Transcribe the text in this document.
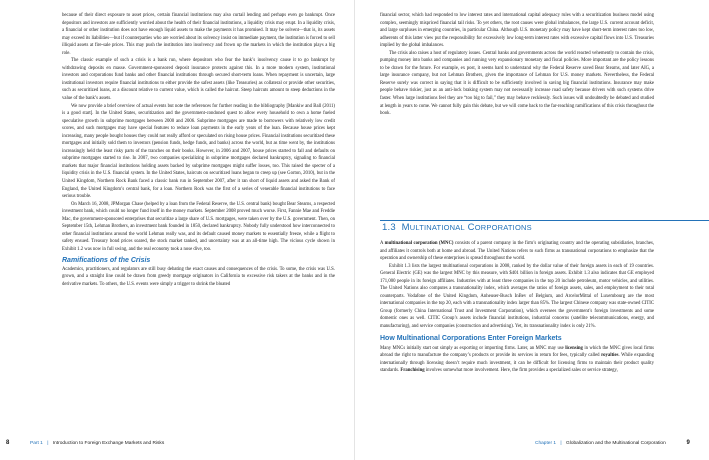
because of their direct exposure to asset prices, certain financial institutions may also curtail lending and perhaps even go bankrupt. Once depositors and investors are sufficiently worried about the health of their financial institutions, a liquidity crisis may erupt. In a liquidity crisis, a financial or other institution does not have enough liquid assets to make the payments it has promised. It may be solvent—that is, its assets may exceed its liabilities—but if counterparties who are worried about its solvency insist on immediate payment, the institution is forced to sell illiquid assets at fire-sale prices. This may push the institution into insolvency and frown up the markets in which the institution plays a big role.

The classic example of such a crisis is a bank run, where depositors who fear the bank’s insolvency cause it to go bankrupt by withdrawing deposits en masse. Government-sponsored deposit insurance protects against this. In a more modern system, institutional investors and corporations fund banks and other financial institutions through secured short-term loans. When repayment is uncertain, large institutional investors require financial institutions to either provide the safest assets (like Treasuries) as collateral or provide other securities, such as securitized loans, at a discount relative to current value, which is called the haircut. Steep haircuts amount to steep deductions in the value of the bank’s assets.

We now provide a brief overview of actual events but note the references for further reading in the bibliography [Mankiw and Ball (2011) is a good start]. In the United States, securitization and the government-condoned quest to allow every household to own a home fueled speculative growth in subprime mortgages between 2000 and 2006. Subprime mortgages are made to borrowers with relatively low credit scores, and such mortgages may have special features to reduce loan payments in the early years of the loan. Because house prices kept increasing, many people bought houses they could not really afford or speculated on rising house prices. Financial institutions securitized these mortgages and initially sold them to investors (pension funds, hedge funds, and banks) across the world, but as time went by, the institutions increasingly held the least risky parts of the tranches on their books. However, in 2006 and 2007, house prices started to fall and defaults on subprime mortgages started to rise. In 2007, two companies specializing in subprime mortgages declared bankruptcy, signaling to financial markets that major financial institutions holding assets backed by subprime mortgages might suffer losses, too. This raised the specter of a liquidity crisis in the U.S. financial system. In the United States, haircuts on securitized loans began to creep up (see Gorton, 2010), but in the United Kingdom, Northern Rock Bank faced a classic bank run in September 2007, after it ran short of liquid assets and asked the Bank of England, the United Kingdom’s central bank, for a loan. Northern Rock was the first of a series of venerable financial institutions to face serious trouble.

On March 16, 2008, JPMorgan Chase (helped by a loan from the Federal Reserve, the U.S. central bank) bought Bear Stearns, a respected investment bank, which could no longer fund itself in the money markets. September 2008 proved much worse. First, Fannie Mae and Freddie Mac, the government-sponsored enterprises that securitize a large share of U.S. mortgages, were taken over by the U.S. government. Then, on September 15th, Lehman Brothers, an investment bank founded in 1850, declared bankruptcy. Nobody fully understood how interconnected to other financial institutions around the world Lehman really was, and its default caused money markets to essentially freeze, while a flight to safety ensued. Treasury bond prices soared, the stock market tanked, and uncertainty was at an all-time high. The vicious cycle shown in Exhibit 1.2 was now in full swing, and the real economy took a nose dive, too.

Ramifications of the Crisis

Academics, practitioners, and regulators are still busy debating the exact causes and consequences of the crisis. To some, the crisis was U.S. grown, and a straight line could be drawn from greedy mortgage originators in California to excessive risk takers at the banks and in the derivative markets. To others, the U.S. events were simply a trigger to shrink the bloated

8	Part 1 | Introduction to Foreign Exchange Markets and Risks

financial sector, which had responded to low interest rates and international capital adequacy rules with a securitization business model using complex, seemingly mispriced financial tail risks. To yet others, the root causes were global imbalances, the large U.S. current account deficit, and large surpluses in emerging countries, in particular China. Although U.S. monetary policy may have kept short-term interest rates too low, adherents of this latter view put the responsibility for excessively low long-term interest rates with excessive capital flows into U.S. Treasuries implied by the global imbalances.

The crisis also raises a host of regulatory issues. Central banks and governments across the world reacted vehemently to contain the crisis, pumping money into banks and companies and running very expansionary monetary and fiscal policies. More important are the policy lessons to be drawn for the future. For example, ex post, it seems hard to understand why the Federal Reserve saved Bear Stearns, and later AIG, a large insurance company, but not Lehman Brothers, given the importance of Lehman for U.S. money markets. Nevertheless, the Federal Reserve surely was correct in saying that it is difficult to be sufficiently involved in saving big financial institutions. Insurance may make people behave riskier, just as an anti-lock braking system may not necessarily increase road safety because drivers with such systems drive faster. When large institutions feel they are “too big to fail,” they may behave recklessly. Such issues will undoubtedly be debated and studied at length in years to come. We cannot fully gain this debate, but we will come back to the far-reaching ramifications of this crisis throughout the book.

1.3 MULTINATIONAL CORPORATIONS

A multinational corporation (MNC) consists of a parent company in the firm’s originating country and the operating subsidiaries, branches, and affiliates it controls both at home and abroad. The United Nations refers to such firms as transnational corporations to emphasize that the operation and ownership of these enterprises is spread throughout the world.

Exhibit 1.3 lists the largest multinational corporations in 2008, ranked by the dollar value of their foreign assets in each of 19 countries. General Electric (GE) was the largest MNC by this measure, with $401 billion in foreign assets. Exhibit 1.3 also indicates that GE employed 171,000 people in its foreign affiliates. Industries with at least three companies in the top 20 include petroleum, motor vehicles, and utilities. The United Nations also computes a transnationality index, which averages the ratios of foreign assets, sales, and employment to their total counterparts. Vodafone of the United Kingdom, Anheuser-Busch InBev of Belgium, and ArcelorMittal of Luxembourg are the most international companies in the top 20, each with a transnationality index larger than 85%. The largest Chinese company was state-owned CITIC Group (formerly China International Trust and Investment Corporation), which oversees the government’s foreign investments and some domestic ones as well. CITIC Group’s assets include financial institutions, industrial concerns (satellite telecommunications, energy, and manufacturing), and service companies (construction and advertising). Yet, its transnationality index is only 21%.

How Multinational Corporations Enter Foreign Markets

Many MNCs initially start out simply as exporting or importing firms. Later, an MNC may use licensing in which the MNC gives local firms abroad the right to manufacture the company’s products or provide its services in return for fees, typically called royalties. While expanding internationally through licensing doesn’t require much investment, it can be difficult for licensing firms to maintain their product quality standards. Franchising involves somewhat more involvement. Here, the firm provides a specialized sales or service strategy,

Chapter 1 | Globalization and the Multinational Corporation	9
